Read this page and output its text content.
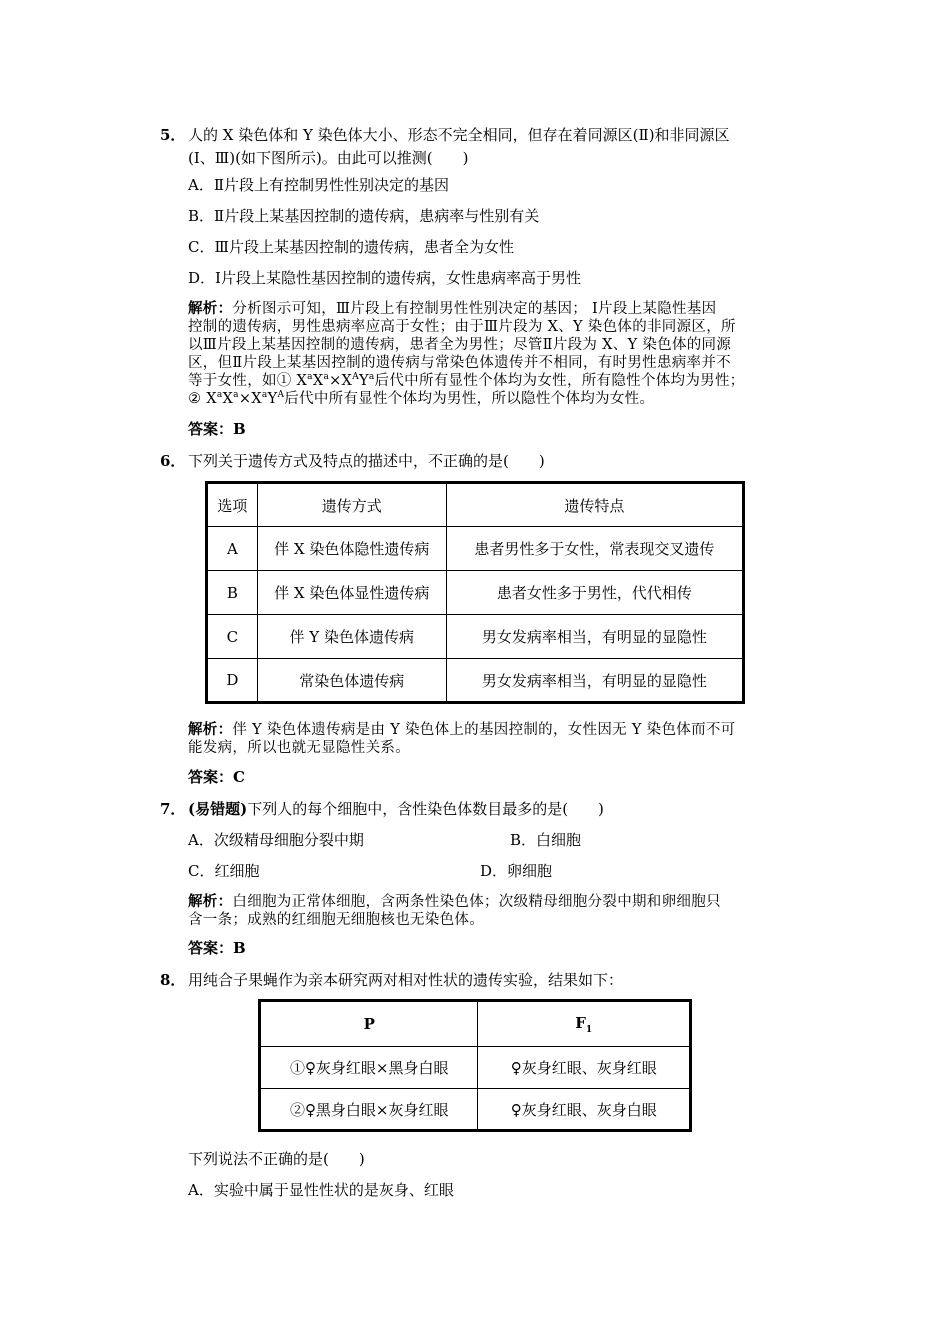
5． 人的 X 染色体和 Y 染色体大小、形态不完全相同，但存在着同源区(Ⅱ)和非同源区
(Ⅰ、Ⅲ)(如下图所示)。由此可以推测(　　)
A．Ⅱ片段上有控制男性性别决定的基因
B．Ⅱ片段上某基因控制的遗传病，患病率与性别有关
C．Ⅲ片段上某基因控制的遗传病，患者全为女性
D．Ⅰ片段上某隐性基因控制的遗传病，女性患病率高于男性
解析：分析图示可知，Ⅲ片段上有控制男性性别决定的基因； Ⅰ片段上某隐性基因
控制的遗传病，男性患病率应高于女性；由于Ⅲ片段为 X、Y 染色体的非同源区，所
以Ⅲ片段上某基因控制的遗传病，患者全为男性；尽管Ⅱ片段为 X、Y 染色体的同源
区，但Ⅱ片段上某基因控制的遗传病与常染色体遗传并不相同，有时男性患病率并不
等于女性，如① $X^aX^a\times X^AY^a$后代中所有显性个体均为女性，所有隐性个体均为男性；
② $X^aX^a\times X^aY^A$后代中所有显性个体均为男性，所以隐性个体均为女性。
答案：B
6． 下列关于遗传方式及特点的描述中，不正确的是(　　)
选项	遗传方式	遗传特点
A	伴 X 染色体隐性遗传病	患者男性多于女性，常表现交叉遗传
B	伴 X 染色体显性遗传病	患者女性多于男性，代代相传
C	伴 Y 染色体遗传病	男女发病率相当，有明显的显隐性
D	常染色体遗传病	男女发病率相当，有明显的显隐性
解析：伴 Y 染色体遗传病是由 Y 染色体上的基因控制的，女性因无 Y 染色体而不可
能发病，所以也就无显隐性关系。
答案：C
7． (易错题)下列人的每个细胞中，含性染色体数目最多的是(　　)
A．次级精母细胞分裂中期	B．白细胞
C．红细胞	D．卵细胞
解析：白细胞为正常体细胞，含两条性染色体；次级精母细胞分裂中期和卵细胞只
含一条；成熟的红细胞无细胞核也无染色体。
答案：B
8． 用纯合子果蝇作为亲本研究两对相对性状的遗传实验，结果如下：
P	$F_1$
①♀灰身红眼×黑身白眼	♀灰身红眼、灰身红眼
②♀黑身白眼×灰身红眼	♀灰身红眼、灰身白眼
下列说法不正确的是(　　)
A．实验中属于显性性状的是灰身、红眼
